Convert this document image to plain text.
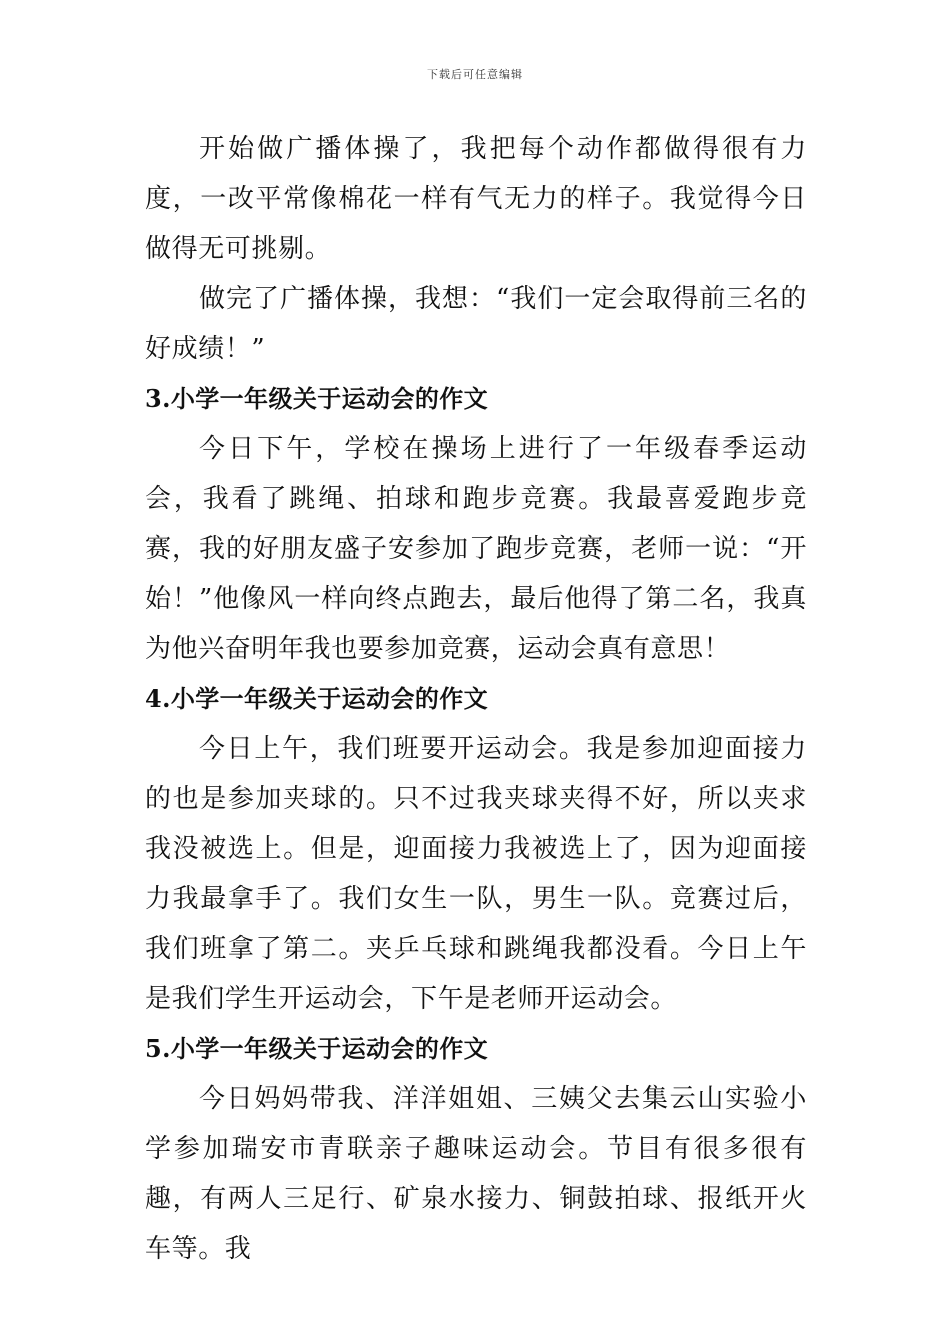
下载后可任意编辑

开始做广播体操了，我把每个动作都做得很有力度，一改平常像棉花一样有气无力的样子。我觉得今日做得无可挑剔。

做完了广播体操，我想：“我们一定会取得前三名的好成绩！”

3.小学一年级关于运动会的作文

今日下午，学校在操场上进行了一年级春季运动会，我看了跳绳、拍球和跑步竞赛。我最喜爱跑步竞赛，我的好朋友盛子安参加了跑步竞赛，老师一说：“开始！”他像风一样向终点跑去，最后他得了第二名，我真为他兴奋明年我也要参加竞赛，运动会真有意思！

4.小学一年级关于运动会的作文

今日上午，我们班要开运动会。我是参加迎面接力的也是参加夹球的。只不过我夹球夹得不好，所以夹求我没被选上。但是，迎面接力我被选上了，因为迎面接力我最拿手了。我们女生一队，男生一队。竞赛过后，我们班拿了第二。夹乒乓球和跳绳我都没看。今日上午是我们学生开运动会，下午是老师开运动会。

5.小学一年级关于运动会的作文

今日妈妈带我、洋洋姐姐、三姨父去集云山实验小学参加瑞安市青联亲子趣味运动会。节目有很多很有趣，有两人三足行、矿泉水接力、铜鼓拍球、报纸开火车等。我
